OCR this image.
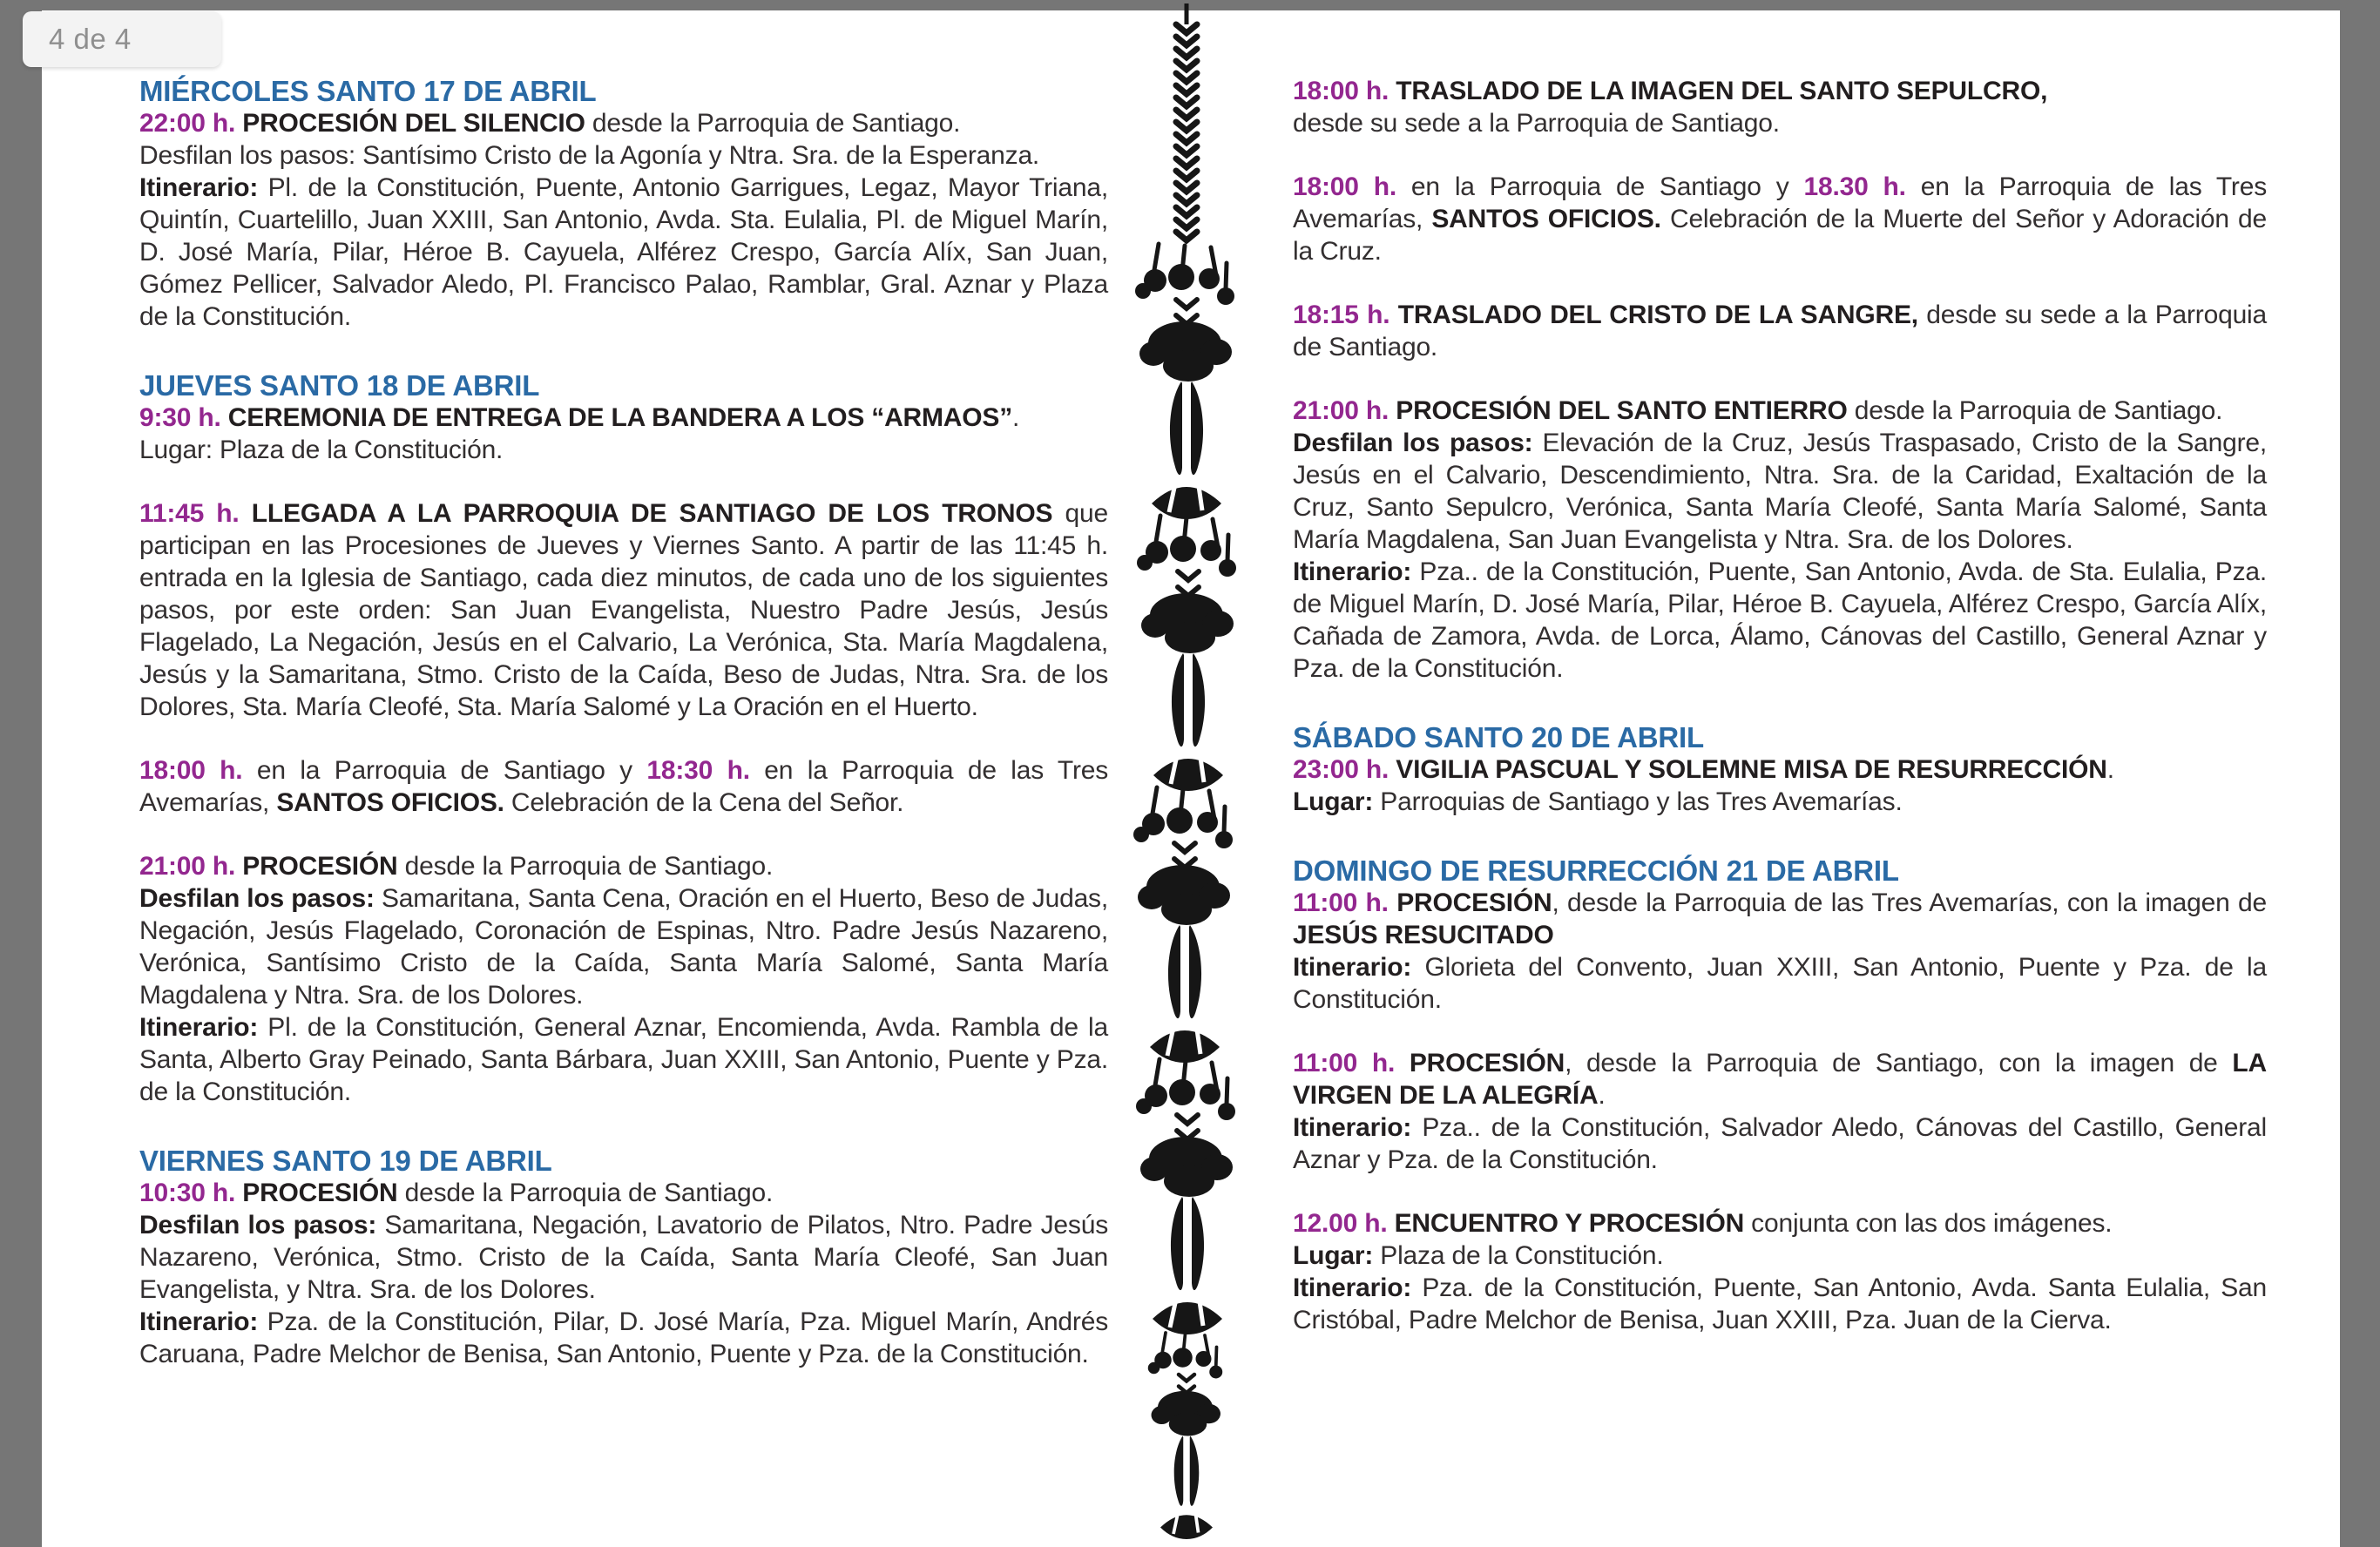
4 de 4
MIÉRCOLES SANTO 17 DE ABRIL

22:00 h. PROCESIÓN DEL SILENCIO desde la Parroquia de Santiago.

Desfilan los pasos: Santísimo Cristo de la Agonía y Ntra. Sra. de la Esperanza.

Itinerario: Pl. de la Constitución, Puente, Antonio Garrigues, Legaz, Mayor Triana, Quintín, Cuartelillo, Juan XXIII, San Antonio, Avda. Sta. Eulalia, Pl. de Miguel Marín, D. José María, Pilar, Héroe B. Cayuela, Alférez Crespo, García Alíx, San Juan, Gómez Pellicer, Salvador Aledo, Pl. Francisco Palao, Ramblar, Gral. Aznar y Plaza de la Constitución.

JUEVES SANTO 18 DE ABRIL

9:30 h. CEREMONIA DE ENTREGA DE LA BANDERA A LOS “ARMAOS”.

Lugar: Plaza de la Constitución.

11:45 h. LLEGADA A LA PARROQUIA DE SANTIAGO DE LOS TRONOS que participan en las Procesiones de Jueves y Viernes Santo. A partir de las 11:45 h. entrada en la Iglesia de Santiago, cada diez minutos, de cada uno de los siguientes pasos, por este orden: San Juan Evangelista, Nuestro Padre Jesús, Jesús Flagelado, La Negación, Jesús en el Calvario, La Verónica, Sta. María Magdalena, Jesús y la Samaritana, Stmo. Cristo de la Caída, Beso de Judas, Ntra. Sra. de los Dolores, Sta. María Cleofé, Sta. María Salomé y La Oración en el Huerto.

18:00 h. en la Parroquia de Santiago y 18:30 h. en la Parroquia de las Tres Avemarías, SANTOS OFICIOS. Celebración de la Cena del Señor.

21:00 h. PROCESIÓN desde la Parroquia de Santiago.

Desfilan los pasos: Samaritana, Santa Cena, Oración en el Huerto, Beso de Judas, Negación, Jesús Flagelado, Coronación de Espinas, Ntro. Padre Jesús Nazareno, Verónica, Santísimo Cristo de la Caída, Santa María Salomé, Santa María Magdalena y Ntra. Sra. de los Dolores.

Itinerario: Pl. de la Constitución, General Aznar, Encomienda, Avda. Rambla de la Santa, Alberto Gray Peinado, Santa Bárbara, Juan XXIII, San Antonio, Puente y Pza. de la Constitución.

VIERNES SANTO 19 DE ABRIL

10:30 h. PROCESIÓN desde la Parroquia de Santiago.

Desfilan los pasos: Samaritana, Negación, Lavatorio de Pilatos, Ntro. Padre Jesús Nazareno, Verónica, Stmo. Cristo de la Caída, Santa María Cleofé, San Juan Evangelista, y Ntra. Sra. de los Dolores.

Itinerario: Pza. de la Constitución, Pilar, D. José María, Pza. Miguel Marín, Andrés Caruana, Padre Melchor de Benisa, San Antonio, Puente y Pza. de la Constitución.

18:00 h. TRASLADO DE LA IMAGEN DEL SANTO SEPULCRO,

desde su sede a la Parroquia de Santiago.

18:00 h. en la Parroquia de Santiago y 18.30 h. en la Parroquia de las Tres Avemarías, SANTOS OFICIOS. Celebración de la Muerte del Señor y Adoración de la Cruz.

18:15 h. TRASLADO DEL CRISTO DE LA SANGRE, desde su sede a la Parroquia de Santiago.

21:00 h. PROCESIÓN DEL SANTO ENTIERRO desde la Parroquia de Santiago.

Desfilan los pasos: Elevación de la Cruz, Jesús Traspasado, Cristo de la Sangre, Jesús en el Calvario, Descendimiento, Ntra. Sra. de la Caridad, Exaltación de la Cruz, Santo Sepulcro, Verónica, Santa María Cleofé, Santa María Salomé, Santa María Magdalena, San Juan Evangelista y Ntra. Sra. de los Dolores.

Itinerario: Pza.. de la Constitución, Puente, San Antonio, Avda. de Sta. Eulalia, Pza. de Miguel Marín, D. José María, Pilar, Héroe B. Cayuela, Alférez Crespo, García Alíx, Cañada de Zamora, Avda. de Lorca, Álamo, Cánovas del Castillo, General Aznar y Pza. de la Constitución.

SÁBADO SANTO 20 DE ABRIL

23:00 h. VIGILIA PASCUAL Y SOLEMNE MISA DE RESURRECCIÓN.

Lugar: Parroquias de Santiago y las Tres Avemarías.

DOMINGO DE RESURRECCIÓN 21 DE ABRIL

11:00 h. PROCESIÓN, desde la Parroquia de las Tres Avemarías, con la imagen de JESÚS RESUCITADO

Itinerario: Glorieta del Convento, Juan XXIII, San Antonio, Puente y Pza. de la Constitución.

11:00 h. PROCESIÓN, desde la Parroquia de Santiago, con la imagen de LA VIRGEN DE LA ALEGRÍA.

Itinerario: Pza.. de la Constitución, Salvador Aledo, Cánovas del Castillo, General Aznar y Pza. de la Constitución.

12.00 h. ENCUENTRO Y PROCESIÓN conjunta con las dos imágenes.

Lugar: Plaza de la Constitución.

Itinerario: Pza. de la Constitución, Puente, San Antonio, Avda. Santa Eulalia, San Cristóbal, Padre Melchor de Benisa, Juan XXIII, Pza. Juan de la Cierva.
